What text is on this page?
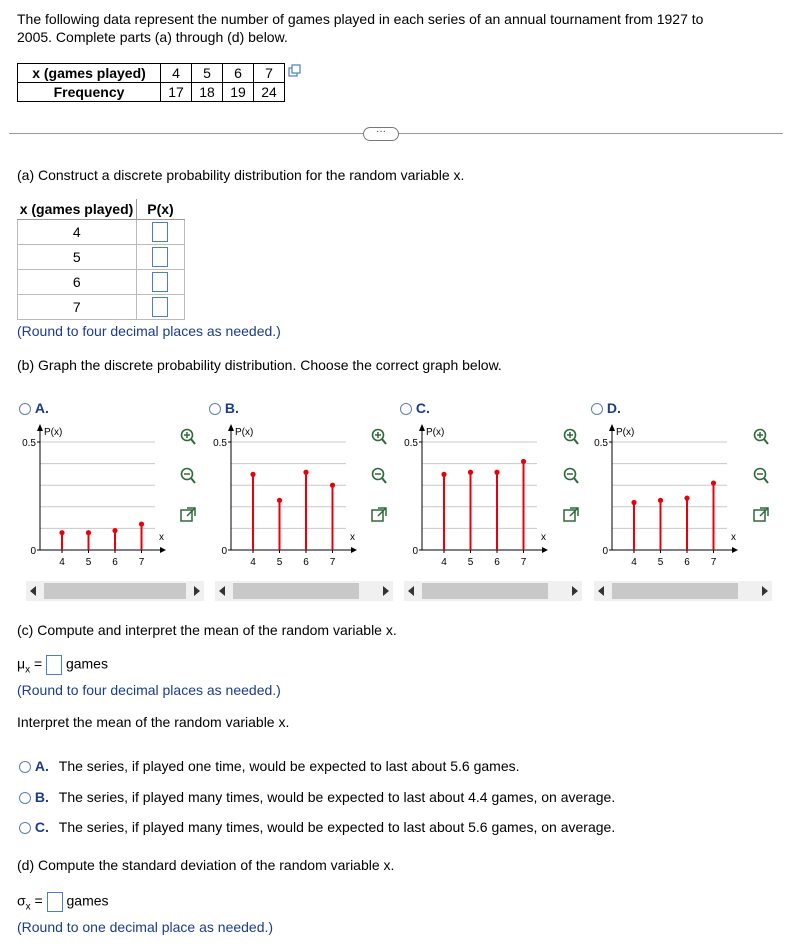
The following data represent the number of games played in each series of an annual tournament from 1927 to
2005. Complete parts (a) through (d) below.
x (games played)	4	5	6	7
Frequency	17	18	19	24
···
(a) Construct a discrete probability distribution for the random variable x.
x (games played)	P(x)
4	
5	
6	
7	
(Round to four decimal places as needed.)
(b) Graph the discrete probability distribution. Choose the correct graph below.
A.	B.	C.	D.
0.5
0
P(x)
x
4 5 6 7
0.5
0
P(x)
x
4 5 6 7
0.5
0
P(x)
x
4 5 6 7
0.5
0
P(x)
x
4 5 6 7
(c) Compute and interpret the mean of the random variable x.
$\mu_x$ = games
(Round to four decimal places as needed.)
Interpret the mean of the random variable x.
A. The series, if played one time, would be expected to last about 5.6 games.
B. The series, if played many times, would be expected to last about 4.4 games, on average.
C. The series, if played many times, would be expected to last about 5.6 games, on average.
(d) Compute the standard deviation of the random variable x.
$\sigma_x$ = games
(Round to one decimal place as needed.)
